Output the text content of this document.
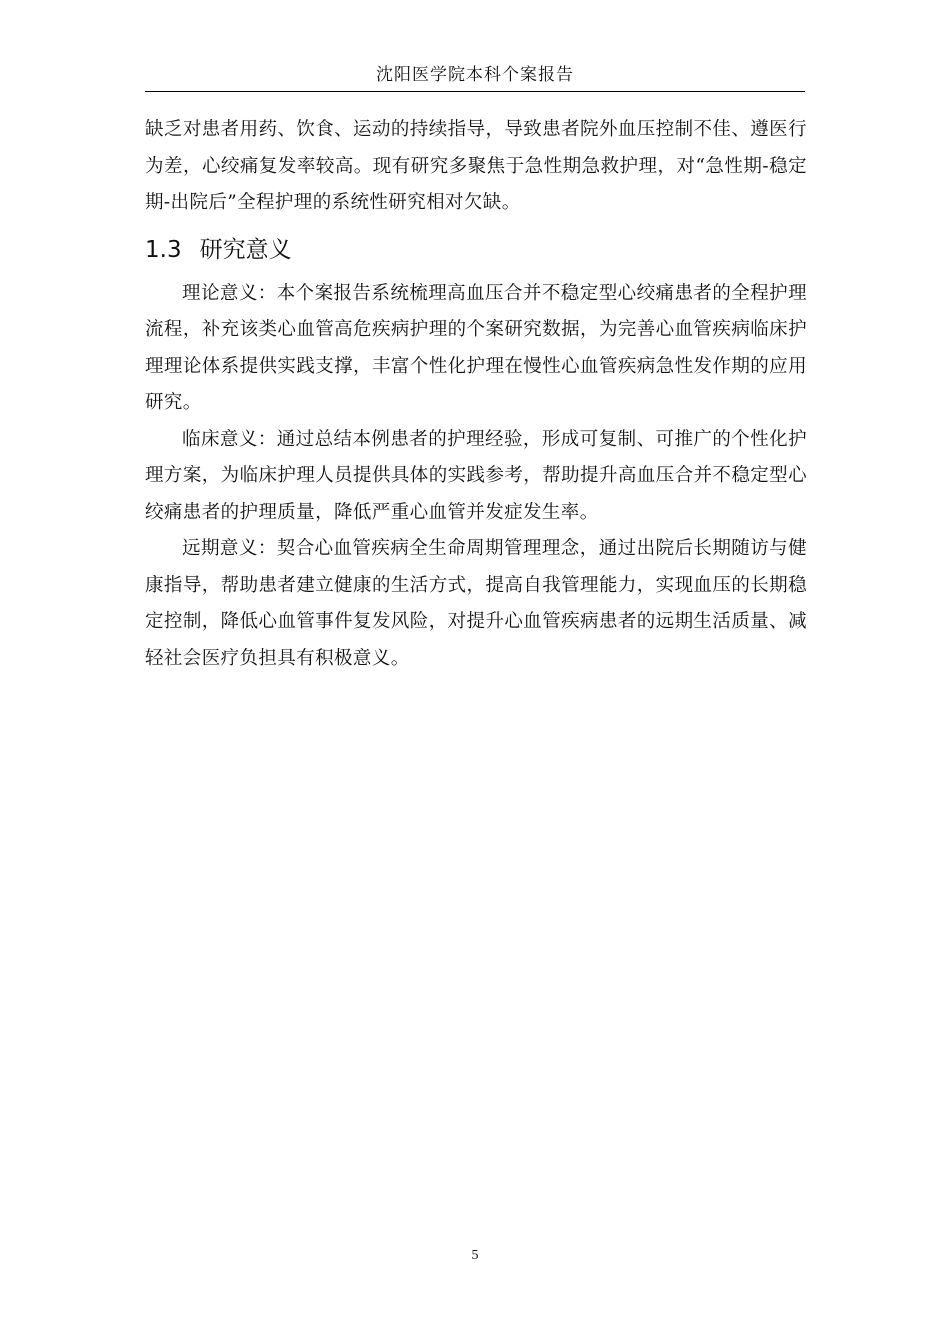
沈阳医学院本科个案报告

缺乏对患者用药、饮食、运动的持续指导，导致患者院外血压控制不佳、遵医行为差，心绞痛复发率较高。现有研究多聚焦于急性期急救护理，对“急性期-稳定期-出院后”全程护理的系统性研究相对欠缺。

1.3 研究意义

理论意义：本个案报告系统梳理高血压合并不稳定型心绞痛患者的全程护理流程，补充该类心血管高危疾病护理的个案研究数据，为完善心血管疾病临床护理理论体系提供实践支撑，丰富个性化护理在慢性心血管疾病急性发作期的应用研究。

临床意义：通过总结本例患者的护理经验，形成可复制、可推广的个性化护理方案，为临床护理人员提供具体的实践参考，帮助提升高血压合并不稳定型心绞痛患者的护理质量，降低严重心血管并发症发生率。

远期意义：契合心血管疾病全生命周期管理理念，通过出院后长期随访与健康指导，帮助患者建立健康的生活方式，提高自我管理能力，实现血压的长期稳定控制，降低心血管事件复发风险，对提升心血管疾病患者的远期生活质量、减轻社会医疗负担具有积极意义。

5
